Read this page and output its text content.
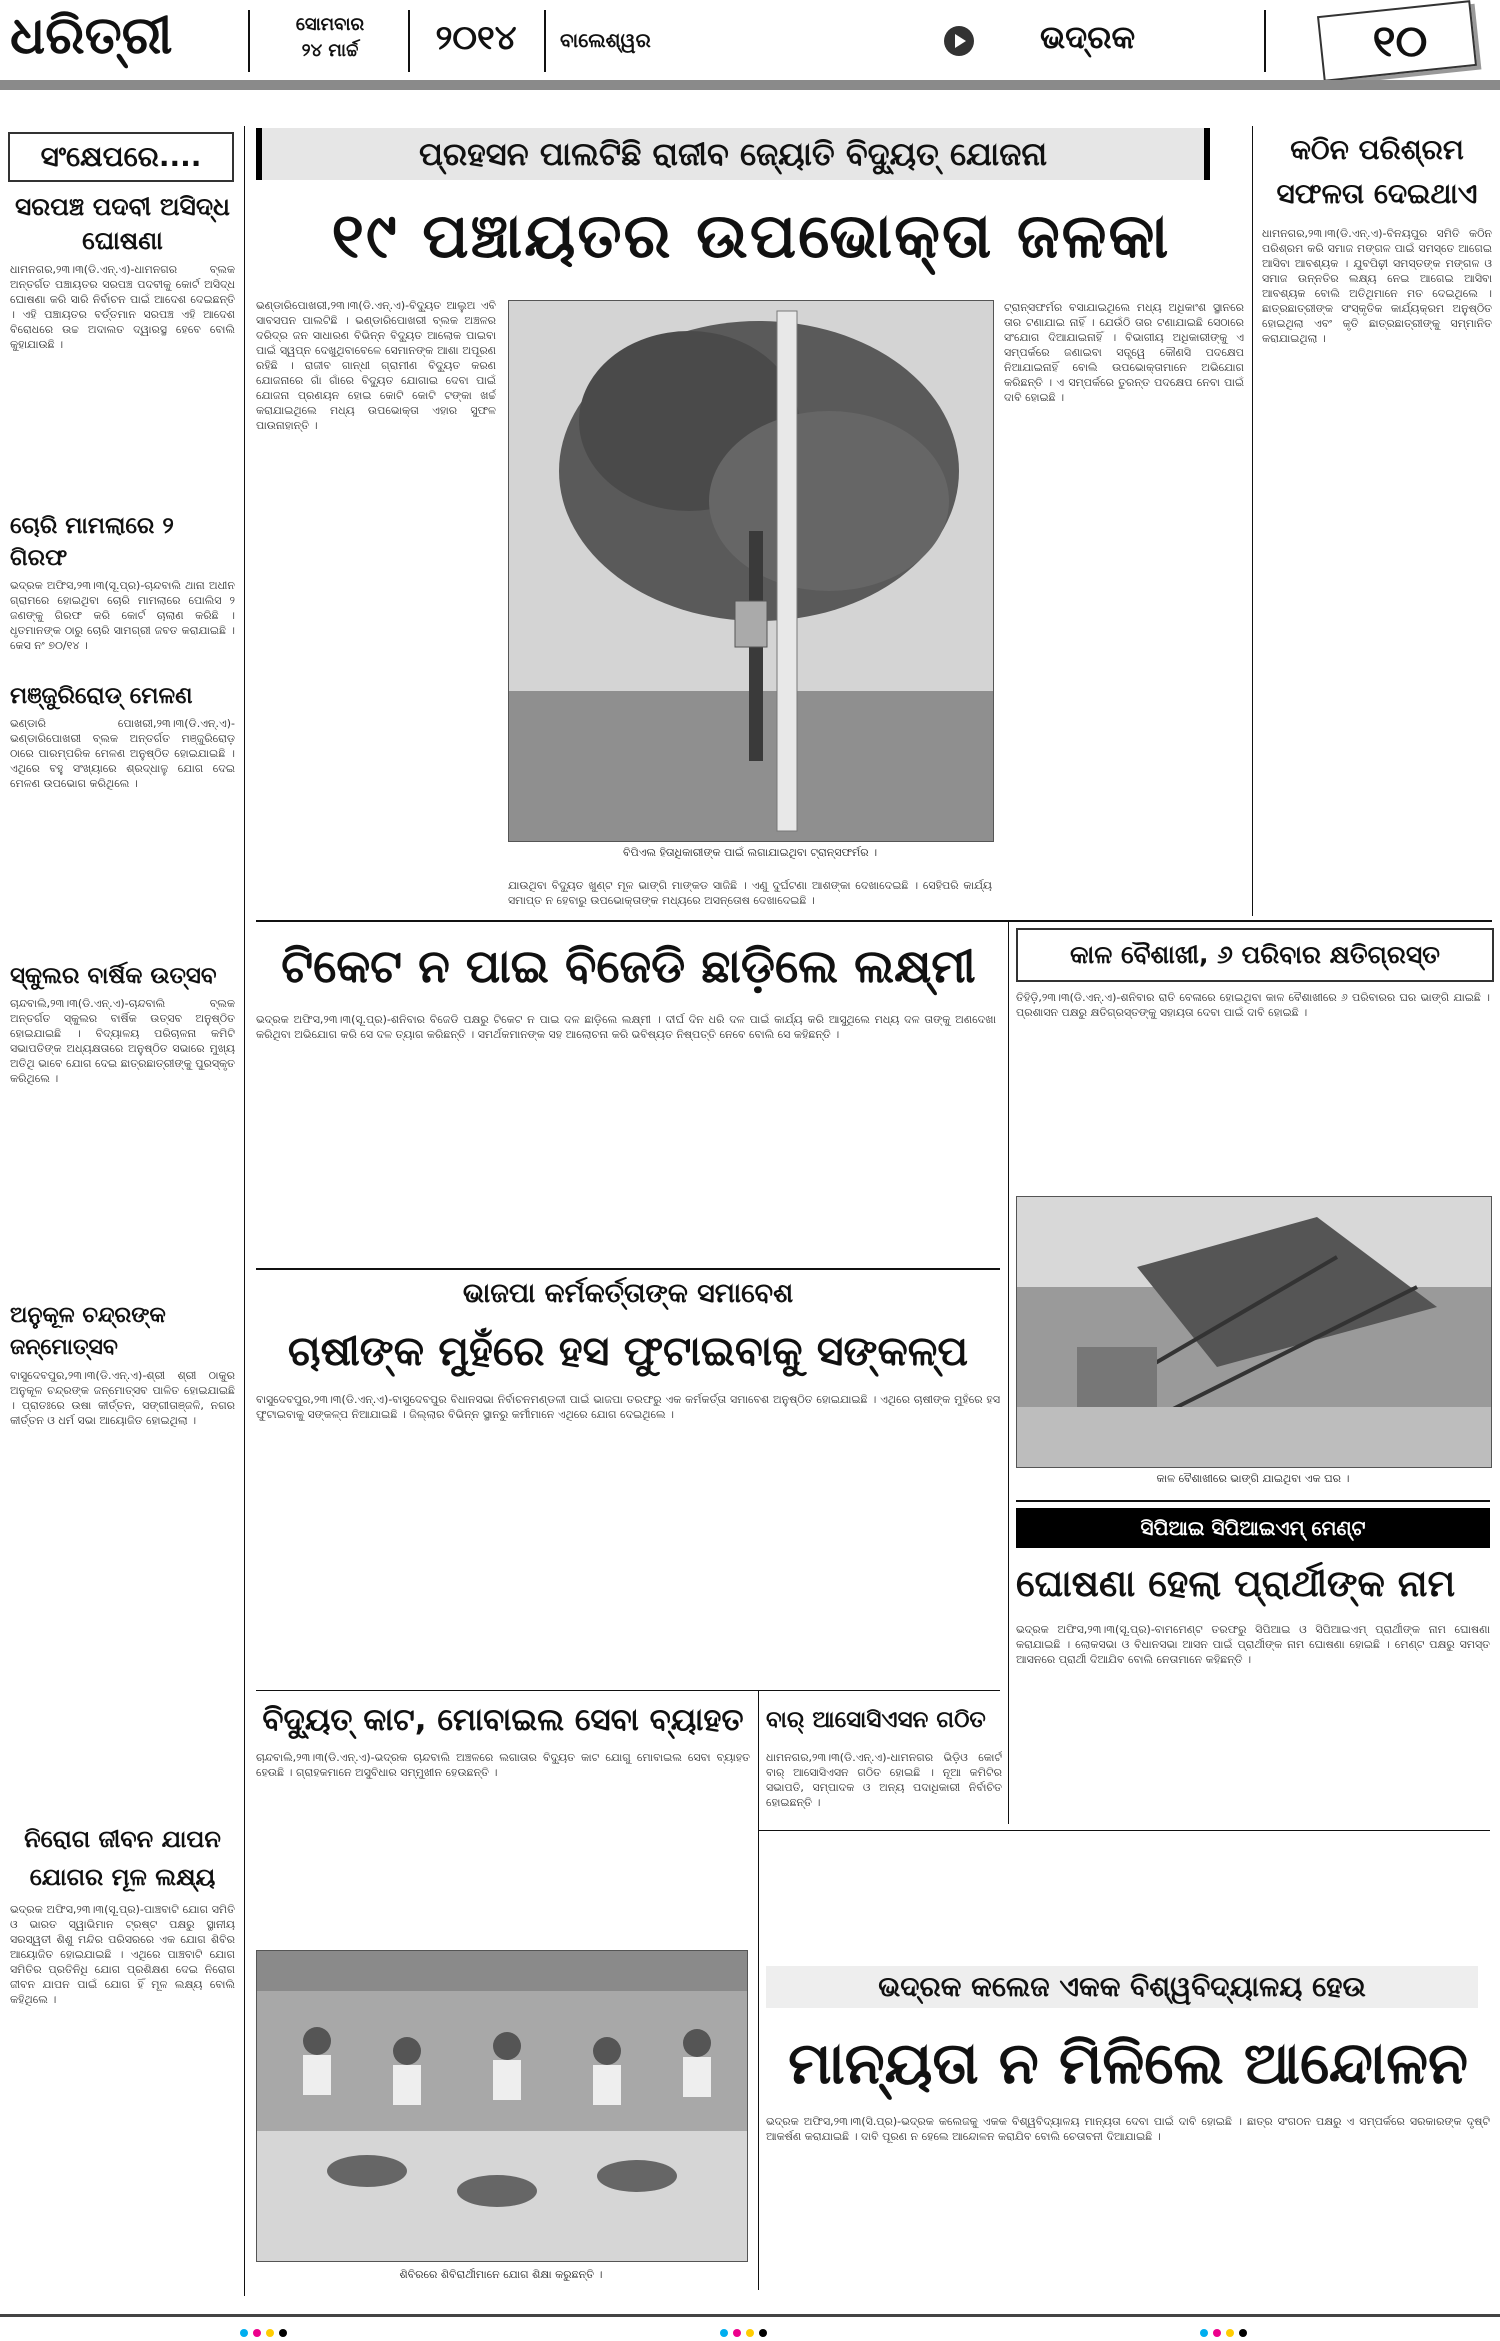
ଧରିତ୍ରୀ	ସୋମବାର
୨୪ ମାର୍ଚ୍ଚ	୨୦୧୪	ବାଲେଶ୍ୱର	ଭଦ୍ରକ	୧୦
ସଂକ୍ଷେପରେ....
ସରପଞ୍ଚ ପଦବୀ ଅସିଦ୍ଧ ଘୋଷଣା
ଧାମନଗର,୨୩।୩(ଡି.ଏନ୍.ଏ)-ଧାମନଗର ବ୍ଲକ ଅନ୍ତର୍ଗତ ପଞ୍ଚାୟତର ସରପଞ୍ଚ ପଦବୀକୁ କୋର୍ଟ ଅସିଦ୍ଧ ଘୋଷଣା କରି ସାରି ନିର୍ବାଚନ ପାଇଁ ଆଦେଶ ଦେଇଛନ୍ତି । ଏହି ପଞ୍ଚାୟତର ବର୍ତ୍ତମାନ ସରପଞ୍ଚ ଏହି ଆଦେଶ ବିରୋଧରେ ଉଚ୍ଚ ଅଦାଲତ ଦ୍ୱାରସ୍ଥ ହେବେ ବୋଲି କୁହାଯାଉଛି ।
ଚୋରି ମାମଲାରେ ୨ ଗିରଫ
ଭଦ୍ରକ ଅଫିସ,୨୩।୩(ସୂ.ପ୍ର)-ଚାନ୍ଦବାଲି ଥାନା ଅଧୀନ ଗ୍ରାମରେ ହୋଇଥିବା ଚୋରି ମାମଲାରେ ପୋଲିସ ୨ ଜଣଙ୍କୁ ଗିରଫ କରି କୋର୍ଟ ଚାଲାଣ କରିଛି । ଧୃତମାନଙ୍କ ଠାରୁ ଚୋରି ସାମଗ୍ରୀ ଜବତ କରାଯାଇଛି । କେସ ନଂ ୭୦/୧୪ ।
ମଞ୍ଜୁରିରୋଡ୍ ମେଳଣ
ଭଣ୍ଡାରି ପୋଖରୀ,୨୩।୩(ଡି.ଏନ୍.ଏ)-ଭଣ୍ଡାରିପୋଖରୀ ବ୍ଲକ ଅନ୍ତର୍ଗତ ମଞ୍ଜୁରିରୋଡ଼ ଠାରେ ପାରମ୍ପରିକ ମେଳଣ ଅନୁଷ୍ଠିତ ହୋଇଯାଇଛି । ଏଥିରେ ବହୁ ସଂଖ୍ୟାରେ ଶ୍ରଦ୍ଧାଳୁ ଯୋଗ ଦେଇ ମେଳଣ ଉପଭୋଗ କରିଥିଲେ ।
ସ୍କୁଲର ବାର୍ଷିକ ଉତ୍ସବ
ଚାନ୍ଦବାଲି,୨୩।୩(ଡି.ଏନ୍.ଏ)-ଚାନ୍ଦବାଲି ବ୍ଲକ ଅନ୍ତର୍ଗତ ସ୍କୁଲର ବାର୍ଷିକ ଉତ୍ସବ ଅନୁଷ୍ଠିତ ହୋଇଯାଇଛି । ବିଦ୍ୟାଳୟ ପରିଚାଳନା କମିଟି ସଭାପତିଙ୍କ ଅଧ୍ୟକ୍ଷତାରେ ଅନୁଷ୍ଠିତ ସଭାରେ ମୁଖ୍ୟ ଅତିଥି ଭାବେ ଯୋଗ ଦେଇ ଛାତ୍ରଛାତ୍ରୀଙ୍କୁ ପୁରସ୍କୃତ କରିଥିଲେ ।
ଅନୁକୂଳ ଚନ୍ଦ୍ରଙ୍କ ଜନ୍ମୋତ୍ସବ
ବାସୁଦେବପୁର,୨୩।୩(ଡି.ଏନ୍.ଏ)-ଶ୍ରୀ ଶ୍ରୀ ଠାକୁର ଅନୁକୂଳ ଚନ୍ଦ୍ରଙ୍କ ଜନ୍ମୋତ୍ସବ ପାଳିତ ହୋଇଯାଇଛି । ପ୍ରାତଃରେ ଉଷା କୀର୍ତ୍ତନ, ସଙ୍ଗୀତାଞ୍ଜଳି, ନଗର କୀର୍ତ୍ତନ ଓ ଧର୍ମ ସଭା ଆୟୋଜିତ ହୋଇଥିଲା ।
ନିରୋଗ ଜୀବନ ଯାପନ ଯୋଗର ମୂଳ ଲକ୍ଷ୍ୟ
ଭଦ୍ରକ ଅଫିସ,୨୩।୩(ସୂ.ପ୍ର)-ପାଞ୍ଚବାଟି ଯୋଗ ସମିତି ଓ ଭାରତ ସ୍ୱାଭିମାନ ଟ୍ରଷ୍ଟ ପକ୍ଷରୁ ସ୍ଥାନୀୟ ସରସ୍ୱତୀ ଶିଶୁ ମନ୍ଦିର ପରିସରରେ ଏକ ଯୋଗ ଶିବିର ଆୟୋଜିତ ହୋଇଯାଇଛି । ଏଥିରେ ପାଞ୍ଚବାଟି ଯୋଗ ସମିତିର ପ୍ରତିନିଧି ଯୋଗ ପ୍ରଶିକ୍ଷଣ ଦେଇ ନିରୋଗ ଜୀବନ ଯାପନ ପାଇଁ ଯୋଗ ହିଁ ମୂଳ ଲକ୍ଷ୍ୟ ବୋଲି କହିଥିଲେ ।
ପ୍ରହସନ ପାଲଟିଛି ରାଜୀବ ଜ୍ୟୋତି ବିଦ୍ୟୁତ୍ ଯୋଜନା
୧୯ ପଞ୍ଚାୟତର ଉପଭୋକ୍ତା ଜଳକା
ଭଣ୍ଡାରିପୋଖରୀ,୨୩।୩(ଡି.ଏନ୍.ଏ)-ବିଦ୍ୟୁତ ଆଲୁଅ ଏବି ସାବସପନ ପାଲଟିଛି । ଭଣ୍ଡାରିପୋଖରୀ ବ୍ଲକ ଅଞ୍ଚଳର ଦରିଦ୍ର ଜନ ସାଧାରଣ ବିଭିନ୍ନ ବିଦ୍ୟୁତ ଆଲୋକ ପାଇବା ପାଇଁ ସ୍ୱପ୍ନ ଦେଖୁଥିବାବେଳେ ସେମାନଙ୍କ ଆଶା ଅପୂରଣ ରହିଛି । ରାଜୀବ ଗାନ୍ଧୀ ଗ୍ରାମୀଣ ବିଦ୍ୟୁତ କରଣ ଯୋଜନାରେ ଗାଁ ଗାଁରେ ବିଦ୍ୟୁତ ଯୋଗାଇ ଦେବା ପାଇଁ ଯୋଜନା ପ୍ରଣୟନ ହୋଇ କୋଟି କୋଟି ଟଙ୍କା ଖର୍ଚ୍ଚ କରାଯାଇଥିଲେ ମଧ୍ୟ ଉପଭୋକ୍ତା ଏହାର ସୁଫଳ ପାଉନାହାନ୍ତି ।
ବିପିଏଲ ହିତାଧିକାରୀଙ୍କ ପାଇଁ ଲଗାଯାଇଥିବା ଟ୍ରାନ୍ସଫର୍ମର ।
ଟ୍ରାନ୍ସଫର୍ମର ବସାଯାଇଥିଲେ ମଧ୍ୟ ଅଧିକାଂଶ ସ୍ଥାନରେ ତାର ଟଣାଯାଇ ନାହିଁ । ଯେଉଁଠି ତାର ଟଣାଯାଇଛି ସେଠାରେ ସଂଯୋଗ ଦିଆଯାଇନାହିଁ । ବିଭାଗୀୟ ଅଧିକାରୀଙ୍କୁ ଏ ସମ୍ପର୍କରେ ଜଣାଇବା ସତ୍ତ୍ୱେ କୌଣସି ପଦକ୍ଷେପ ନିଆଯାଇନାହିଁ ବୋଲି ଉପଭୋକ୍ତାମାନେ ଅଭିଯୋଗ କରିଛନ୍ତି । ଏ ସମ୍ପର୍କରେ ତୁରନ୍ତ ପଦକ୍ଷେପ ନେବା ପାଇଁ ଦାବି ହୋଇଛି ।
ଯାଉଥିବା ବିଦ୍ୟୁତ ଖୁଣ୍ଟ ମୂଳ ଭାଙ୍ଗି ମାଙ୍କଡ ସାଜିଛି । ଏଣୁ ଦୁର୍ଘଟଣା ଆଶଙ୍କା ଦେଖାଦେଇଛି । ସେହିପରି କାର୍ଯ୍ୟ ସମାପ୍ତ ନ ହେବାରୁ ଉପଭୋକ୍ତାଙ୍କ ମଧ୍ୟରେ ଅସନ୍ତୋଷ ଦେଖାଦେଇଛି ।
କଠିନ ପରିଶ୍ରମ ସଫଳତା ଦେଇଥାଏ
ଧାମନଗର,୨୩।୩(ଡି.ଏନ୍.ଏ)-ବିନୟପୁର ସମିତି କଠିନ ପରିଶ୍ରମ କରି ସମାଜ ମଙ୍ଗଳ ପାଇଁ ସମସ୍ତେ ଆଗେଇ ଆସିବା ଆବଶ୍ୟକ । ଯୁବପିଢ଼ୀ ସମସ୍ତଙ୍କ ମଙ୍ଗଳ ଓ ସମାଜ ଉନ୍ନତିର ଲକ୍ଷ୍ୟ ନେଇ ଆଗେଇ ଆସିବା ଆବଶ୍ୟକ ବୋଲି ଅତିଥିମାନେ ମତ ଦେଇଥିଲେ । ଛାତ୍ରଛାତ୍ରୀଙ୍କ ସଂସ୍କୃତିକ କାର୍ଯ୍ୟକ୍ରମ ଅନୁଷ୍ଠିତ ହୋଇଥିଲା ଏବଂ କୃତି ଛାତ୍ରଛାତ୍ରୀଙ୍କୁ ସମ୍ମାନିତ କରାଯାଇଥିଲା ।
ଟିକେଟ ନ ପାଇ ବିଜେଡି ଛାଡ଼ିଲେ ଲକ୍ଷ୍ମୀ
ଭଦ୍ରକ ଅଫିସ,୨୩।୩(ସୂ.ପ୍ର)-ଶନିବାର ବିଜେଡି ପକ୍ଷରୁ ଟିକେଟ ନ ପାଇ ଦଳ ଛାଡ଼ିଲେ ଲକ୍ଷ୍ମୀ । ଦୀର୍ଘ ଦିନ ଧରି ଦଳ ପାଇଁ କାର୍ଯ୍ୟ କରି ଆସୁଥିଲେ ମଧ୍ୟ ଦଳ ତାଙ୍କୁ ଅଣଦେଖା କରିଥିବା ଅଭିଯୋଗ କରି ସେ ଦଳ ତ୍ୟାଗ କରିଛନ୍ତି । ସମର୍ଥକମାନଙ୍କ ସହ ଆଲୋଚନା କରି ଭବିଷ୍ୟତ ନିଷ୍ପତ୍ତି ନେବେ ବୋଲି ସେ କହିଛନ୍ତି ।
କାଳ ବୈଶାଖୀ, ୬ ପରିବାର କ୍ଷତିଗ୍ରସ୍ତ
ତିହିଡ଼ି,୨୩।୩(ଡି.ଏନ୍.ଏ)-ଶନିବାର ରାତି ବେଳାରେ ହୋଇଥିବା କାଳ ବୈଶାଖୀରେ ୬ ପରିବାରର ଘର ଭାଙ୍ଗି ଯାଇଛି । ପ୍ରଶାସନ ପକ୍ଷରୁ କ୍ଷତିଗ୍ରସ୍ତଙ୍କୁ ସହାୟତା ଦେବା ପାଇଁ ଦାବି ହୋଇଛି ।
କାଳ ବୈଶାଖୀରେ ଭାଙ୍ଗି ଯାଇଥିବା ଏକ ଘର ।
ଭାଜପା କର୍ମକର୍ତ୍ତାଙ୍କ ସମାବେଶ
ଚାଷୀଙ୍କ ମୁହଁରେ ହସ ଫୁଟାଇବାକୁ ସଙ୍କଳ୍ପ
ବାସୁଦେବପୁର,୨୩।୩(ଡି.ଏନ୍.ଏ)-ବାସୁଦେବପୁର ବିଧାନସଭା ନିର୍ବାଚନମଣ୍ଡଳୀ ପାଇଁ ଭାଜପା ତରଫରୁ ଏକ କର୍ମକର୍ତ୍ତା ସମାବେଶ ଅନୁଷ୍ଠିତ ହୋଇଯାଇଛି । ଏଥିରେ ଚାଷୀଙ୍କ ମୁହଁରେ ହସ ଫୁଟାଇବାକୁ ସଙ୍କଳ୍ପ ନିଆଯାଇଛି । ଜିଲ୍ଲାର ବିଭିନ୍ନ ସ୍ଥାନରୁ କର୍ମୀମାନେ ଏଥିରେ ଯୋଗ ଦେଇଥିଲେ ।
ସିପିଆଇ ସିପିଆଇଏମ୍ ମେଣ୍ଟ
ଘୋଷଣା ହେଲା ପ୍ରାର୍ଥୀଙ୍କ ନାମ
ଭଦ୍ରକ ଅଫିସ,୨୩।୩(ସୂ.ପ୍ର)-ବାମମେଣ୍ଟ ତରଫରୁ ସିପିଆଇ ଓ ସିପିଆଇଏମ୍ ପ୍ରାର୍ଥୀଙ୍କ ନାମ ଘୋଷଣା କରାଯାଇଛି । ଲୋକସଭା ଓ ବିଧାନସଭା ଆସନ ପାଇଁ ପ୍ରାର୍ଥୀଙ୍କ ନାମ ଘୋଷଣା ହୋଇଛି । ମେଣ୍ଟ ପକ୍ଷରୁ ସମସ୍ତ ଆସନରେ ପ୍ରାର୍ଥୀ ଦିଆଯିବ ବୋଲି ନେତାମାନେ କହିଛନ୍ତି ।
ବିଦ୍ୟୁତ୍ କାଟ, ମୋବାଇଲ ସେବା ବ୍ୟାହତ
ଚାନ୍ଦବାଲି,୨୩।୩(ଡି.ଏନ୍.ଏ)-ଭଦ୍ରକ ଚାନ୍ଦବାଲି ଅଞ୍ଚଳରେ ଲଗାତାର ବିଦ୍ୟୁତ କାଟ ଯୋଗୁ ମୋବାଇଲ ସେବା ବ୍ୟାହତ ହେଉଛି । ଗ୍ରାହକମାନେ ଅସୁବିଧାର ସମ୍ମୁଖୀନ ହେଉଛନ୍ତି ।
ଶିବିରରେ ଶିବିରାର୍ଥୀମାନେ ଯୋଗ ଶିକ୍ଷା କରୁଛନ୍ତି ।
ବାର୍ ଆସୋସିଏସନ ଗଠିତ
ଧାମନଗର,୨୩।୩(ଡି.ଏନ୍.ଏ)-ଧାମନଗର ଭିଡ଼ିଓ କୋର୍ଟ ବାର୍ ଆସୋସିଏସନ ଗଠିତ ହୋଇଛି । ନୂଆ କମିଟିର ସଭାପତି, ସମ୍ପାଦକ ଓ ଅନ୍ୟ ପଦାଧିକାରୀ ନିର୍ବାଚିତ ହୋଇଛନ୍ତି ।
ଭଦ୍ରକ କଲେଜ ଏକକ ବିଶ୍ୱବିଦ୍ୟାଳୟ ହେଉ
ମାନ୍ୟତା ନ ମିଳିଲେ ଆନ୍ଦୋଳନ
ଭଦ୍ରକ ଅଫିସ,୨୩।୩(ସି.ପ୍ର)-ଭଦ୍ରକ କଲେଜକୁ ଏକକ ବିଶ୍ୱବିଦ୍ୟାଳୟ ମାନ୍ୟତା ଦେବା ପାଇଁ ଦାବି ହୋଇଛି । ଛାତ୍ର ସଂଗଠନ ପକ୍ଷରୁ ଏ ସମ୍ପର୍କରେ ସରକାରଙ୍କ ଦୃଷ୍ଟି ଆକର୍ଷଣ କରାଯାଇଛି । ଦାବି ପୂରଣ ନ ହେଲେ ଆନ୍ଦୋଳନ କରାଯିବ ବୋଲି ଚେତାବନୀ ଦିଆଯାଇଛି ।
